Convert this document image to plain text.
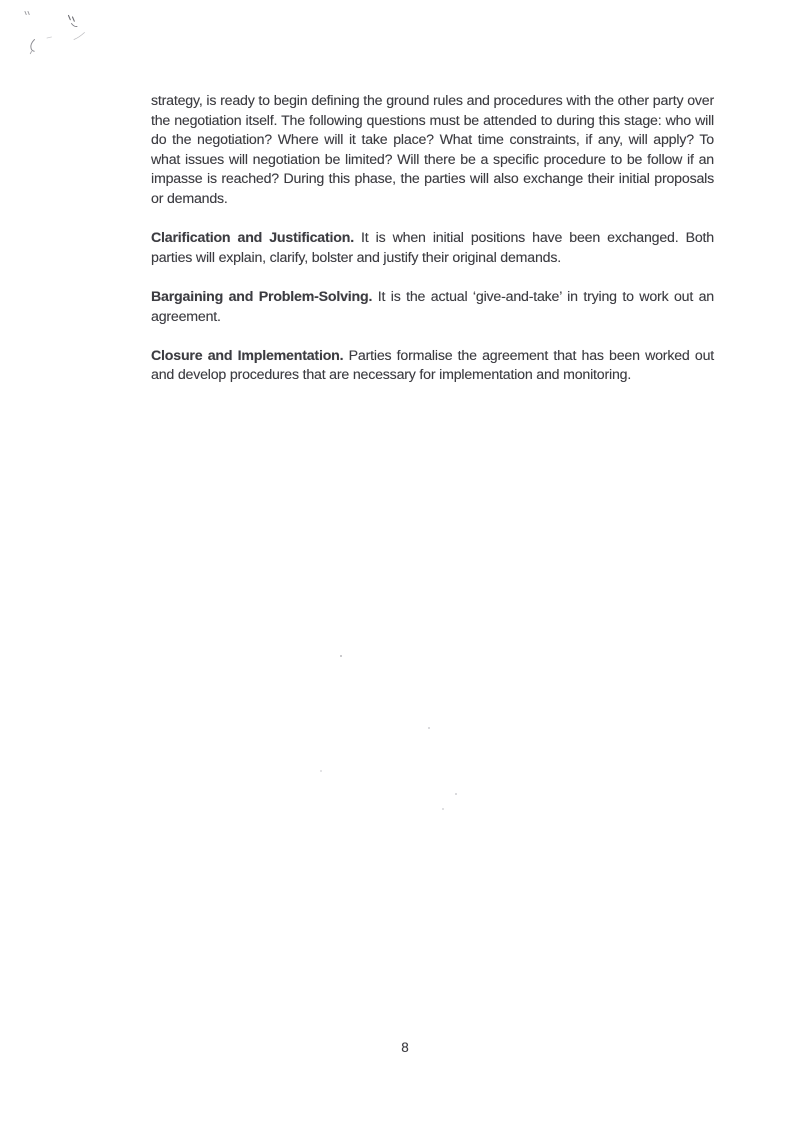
strategy, is ready to begin defining the ground rules and procedures with the other party over the negotiation itself. The following questions must be attended to during this stage: who will do the negotiation? Where will it take place? What time constraints, if any, will apply? To what issues will negotiation be limited? Will there be a specific procedure to be follow if an impasse is reached? During this phase, the parties will also exchange their initial proposals or demands.

Clarification and Justification. It is when initial positions have been exchanged. Both parties will explain, clarify, bolster and justify their original demands.

Bargaining and Problem-Solving. It is the actual ‘give-and-take’ in trying to work out an agreement.

Closure and Implementation. Parties formalise the agreement that has been worked out and develop procedures that are necessary for implementation and monitoring.

8
